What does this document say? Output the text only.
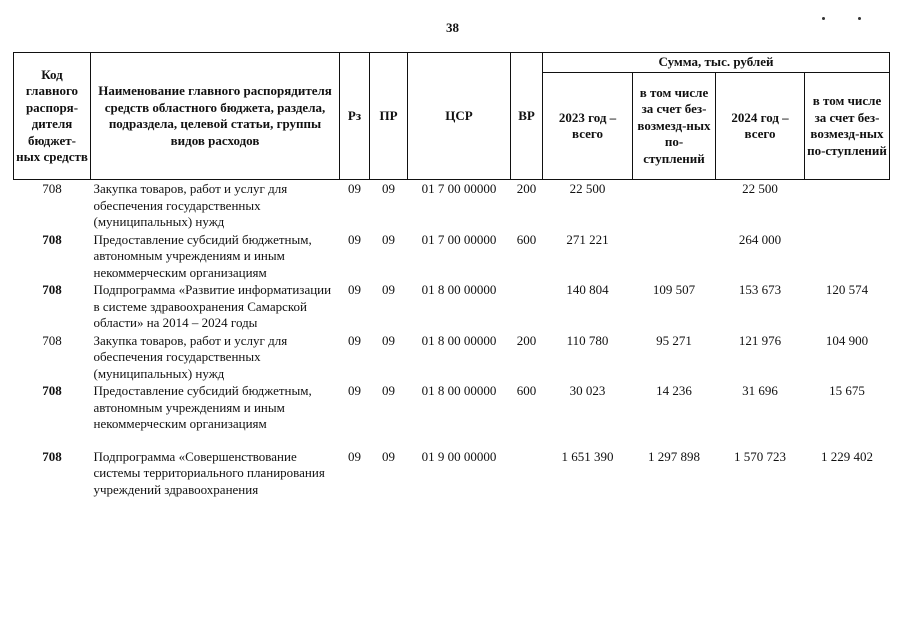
38
Код главного распоря-дителя бюджет-ных средств	Наименование главного распорядителя средств областного бюджета, раздела, подраздела, целевой статьи, группы видов расходов	Рз	ПР	ЦСР	ВР	Сумма, тыс. рублей			
						2023 год – всего	в том числе за счет без-возмезд-ных по-ступлений	2024 год – всего	в том числе за счет без-возмезд-ных по-ступлений
708	Закупка товаров, работ и услуг для обеспечения государственных (муниципальных) нужд	09	09	01 7 00 00000	200	22 500		22 500	
708	Предоставление субсидий бюджетным, автономным учреждениям и иным некоммерческим организациям	09	09	01 7 00 00000	600	271 221		264 000	
708	Подпрограмма «Развитие информатизации в системе здравоохранения Самарской области» на 2014 – 2024 годы	09	09	01 8 00 00000		140 804	109 507	153 673	120 574
708	Закупка товаров, работ и услуг для обеспечения государственных (муниципальных) нужд	09	09	01 8 00 00000	200	110 780	95 271	121 976	104 900
708	Предоставление субсидий бюджетным, автономным учреждениям и иным некоммерческим организациям	09	09	01 8 00 00000	600	30 023	14 236	31 696	15 675

708	Подпрограмма «Совершенствование системы территориального планирования учреждений здравоохранения	09	09	01 9 00 00000		1 651 390	1 297 898	1 570 723	1 229 402
